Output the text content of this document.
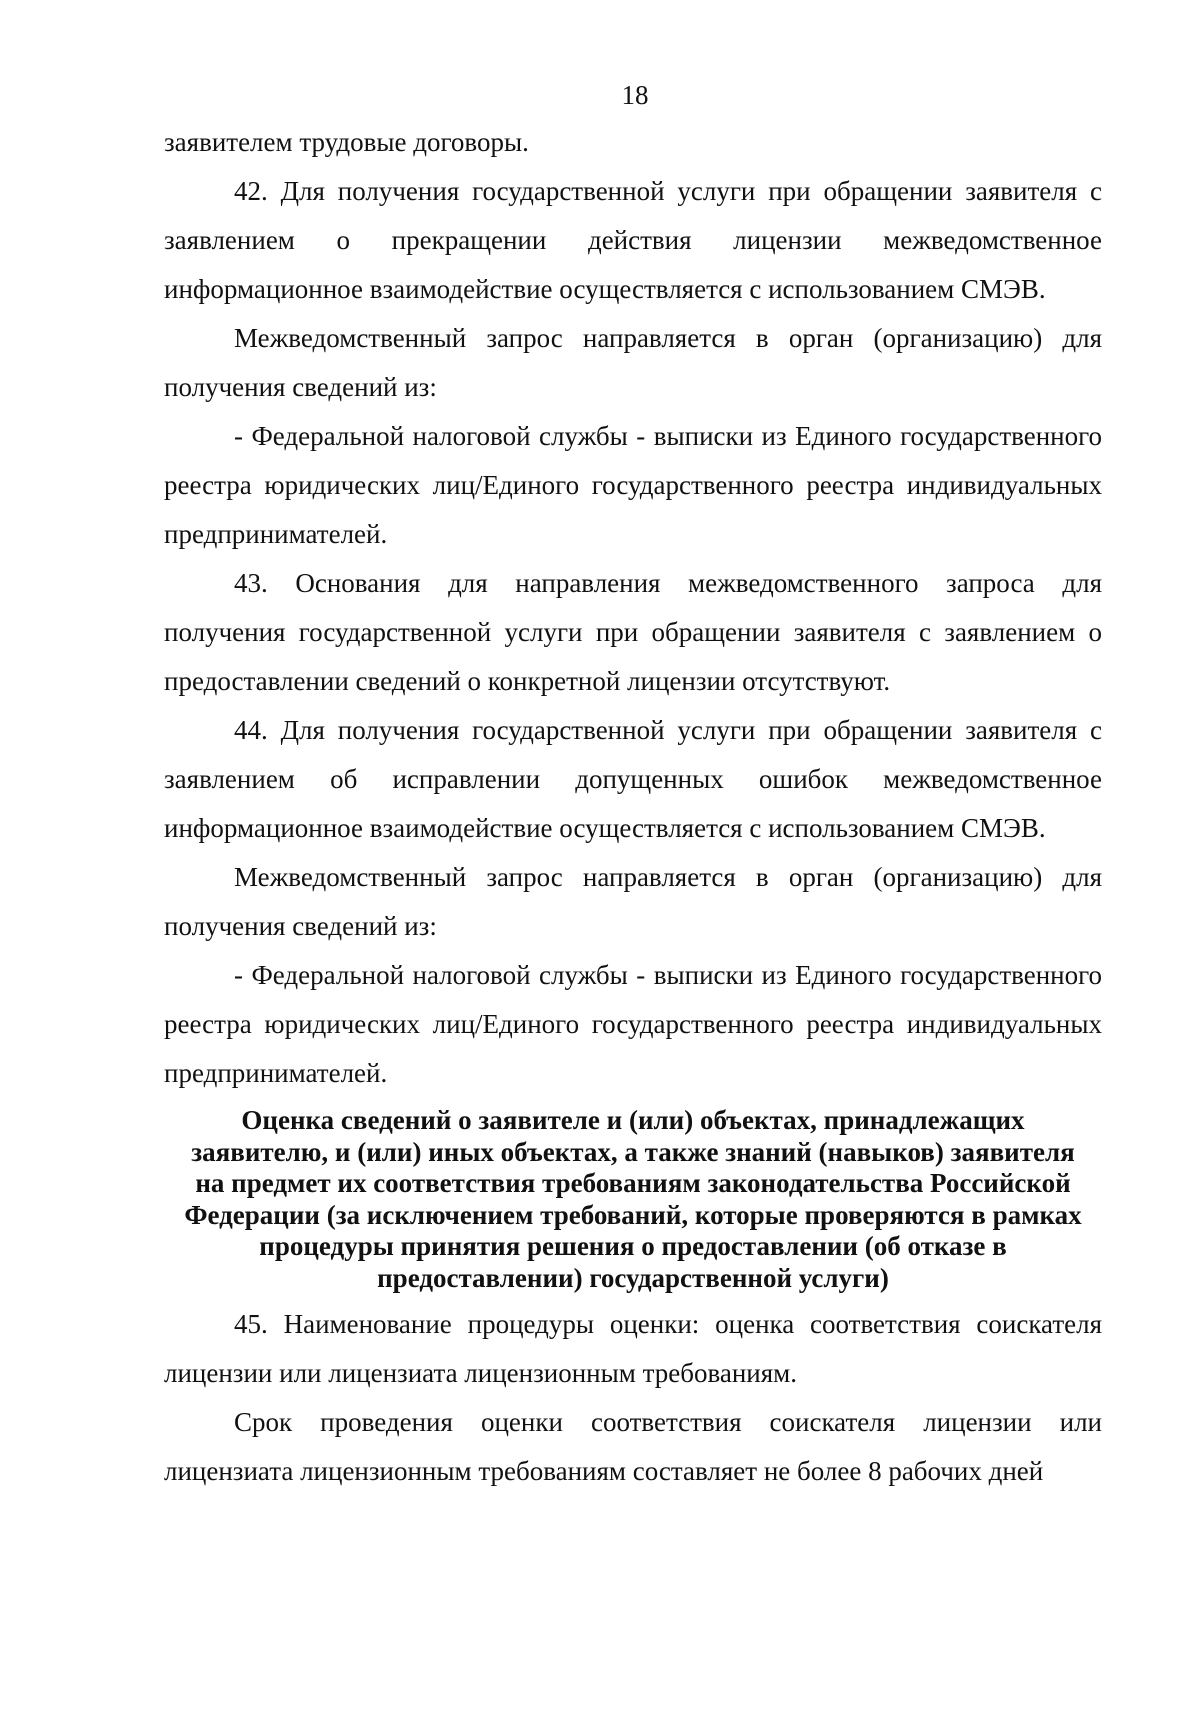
18

заявителем трудовые договоры.

42. Для получения государственной услуги при обращении заявителя с заявлением о прекращении действия лицензии межведомственное информационное взаимодействие осуществляется с использованием СМЭВ.

Межведомственный запрос направляется в орган (организацию) для получения сведений из:

- Федеральной налоговой службы - выписки из Единого государственного реестра юридических лиц/Единого государственного реестра индивидуальных предпринимателей.

43. Основания для направления межведомственного запроса для получения государственной услуги при обращении заявителя с заявлением о предоставлении сведений о конкретной лицензии отсутствуют.

44. Для получения государственной услуги при обращении заявителя с заявлением об исправлении допущенных ошибок межведомственное информационное взаимодействие осуществляется с использованием СМЭВ.

Межведомственный запрос направляется в орган (организацию) для получения сведений из:

- Федеральной налоговой службы - выписки из Единого государственного реестра юридических лиц/Единого государственного реестра индивидуальных предпринимателей.

Оценка сведений о заявителе и (или) объектах, принадлежащих заявителю, и (или) иных объектах, а также знаний (навыков) заявителя на предмет их соответствия требованиям законодательства Российской Федерации (за исключением требований, которые проверяются в рамках процедуры принятия решения о предоставлении (об отказе в предоставлении) государственной услуги)

45. Наименование процедуры оценки: оценка соответствия соискателя лицензии или лицензиата лицензионным требованиям.

Срок проведения оценки соответствия соискателя лицензии или лицензиата лицензионным требованиям составляет не более 8 рабочих дней
